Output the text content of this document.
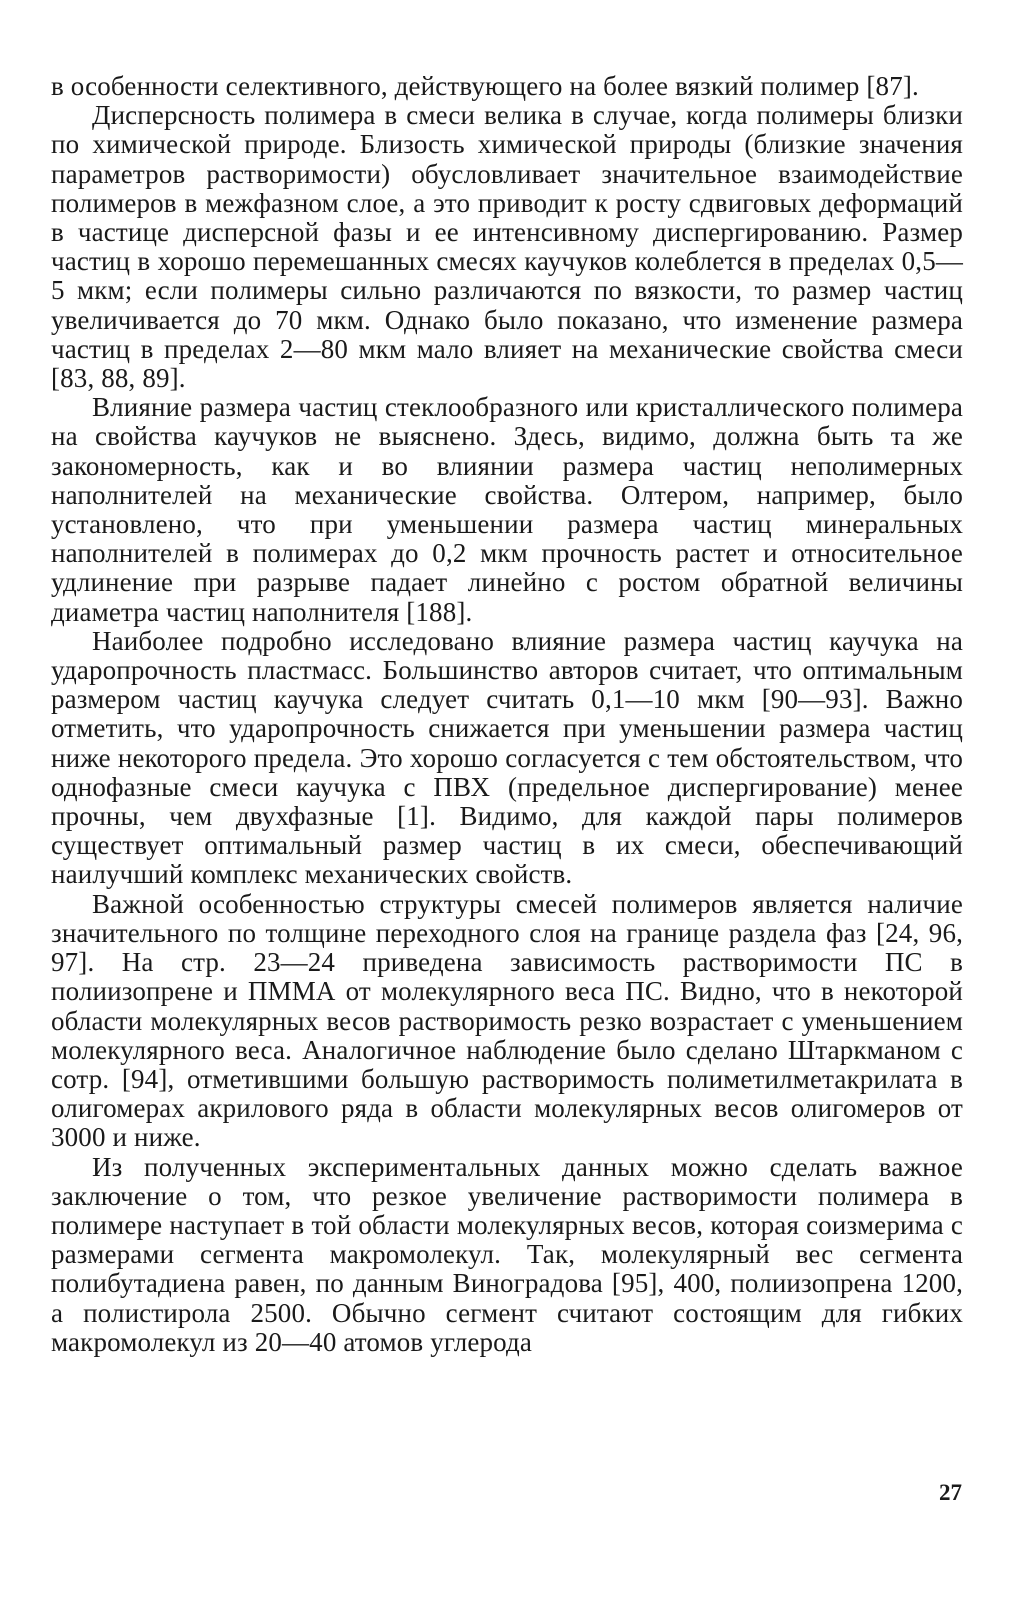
в особенности селективного, действующего на более вязкий полимер [87].

Дисперсность полимера в смеси велика в случае, когда полимеры близки по химической природе. Близость химической природы (близкие значения параметров растворимости) обусловливает значительное взаимодействие полимеров в межфазном слое, а это приводит к росту сдвиговых деформаций в частице дисперсной фазы и ее интенсивному диспергированию. Размер частиц в хорошо перемешанных смесях каучуков колеблется в пределах 0,5—5 мкм; если полимеры сильно различаются по вязкости, то размер частиц увеличивается до 70 мкм. Однако было показано, что изменение размера частиц в пределах 2—80 мкм мало влияет на механические свойства смеси [83, 88, 89].

Влияние размера частиц стеклообразного или кристаллического полимера на свойства каучуков не выяснено. Здесь, видимо, должна быть та же закономерность, как и во влиянии размера частиц неполимерных наполнителей на механические свойства. Олтером, например, было установлено, что при уменьшении размера частиц минеральных наполнителей в полимерах до 0,2 мкм прочность растет и относительное удлинение при разрыве падает линейно с ростом обратной величины диаметра частиц наполнителя [188].

Наиболее подробно исследовано влияние размера частиц каучука на ударопрочность пластмасс. Большинство авторов считает, что оптимальным размером частиц каучука следует считать 0,1—10 мкм [90—93]. Важно отметить, что ударопрочность снижается при уменьшении размера частиц ниже некоторого предела. Это хорошо согласуется с тем обстоятельством, что однофазные смеси каучука с ПВХ (предельное диспергирование) менее прочны, чем двухфазные [1]. Видимо, для каждой пары полимеров существует оптимальный размер частиц в их смеси, обеспечивающий наилучший комплекс механических свойств.

Важной особенностью структуры смесей полимеров является наличие значительного по толщине переходного слоя на границе раздела фаз [24, 96, 97]. На стр. 23—24 приведена зависимость растворимости ПС в полиизопрене и ПММА от молекулярного веса ПС. Видно, что в некоторой области молекулярных весов растворимость резко возрастает с уменьшением молекулярного веса. Аналогичное наблюдение было сделано Штаркманом с сотр. [94], отметившими большую растворимость полиметилметакрилата в олигомерах акрилового ряда в области молекулярных весов олигомеров от 3000 и ниже.

Из полученных экспериментальных данных можно сделать важное заключение о том, что резкое увеличение растворимости полимера в полимере наступает в той области молекулярных весов, которая соизмерима с размерами сегмента макромолекул. Так, молекулярный вес сегмента полибутадиена равен, по данным Виноградова [95], 400, полиизопрена 1200, а полистирола 2500. Обычно сегмент считают состоящим для гибких макромолекул из 20—40 атомов углерода

27
